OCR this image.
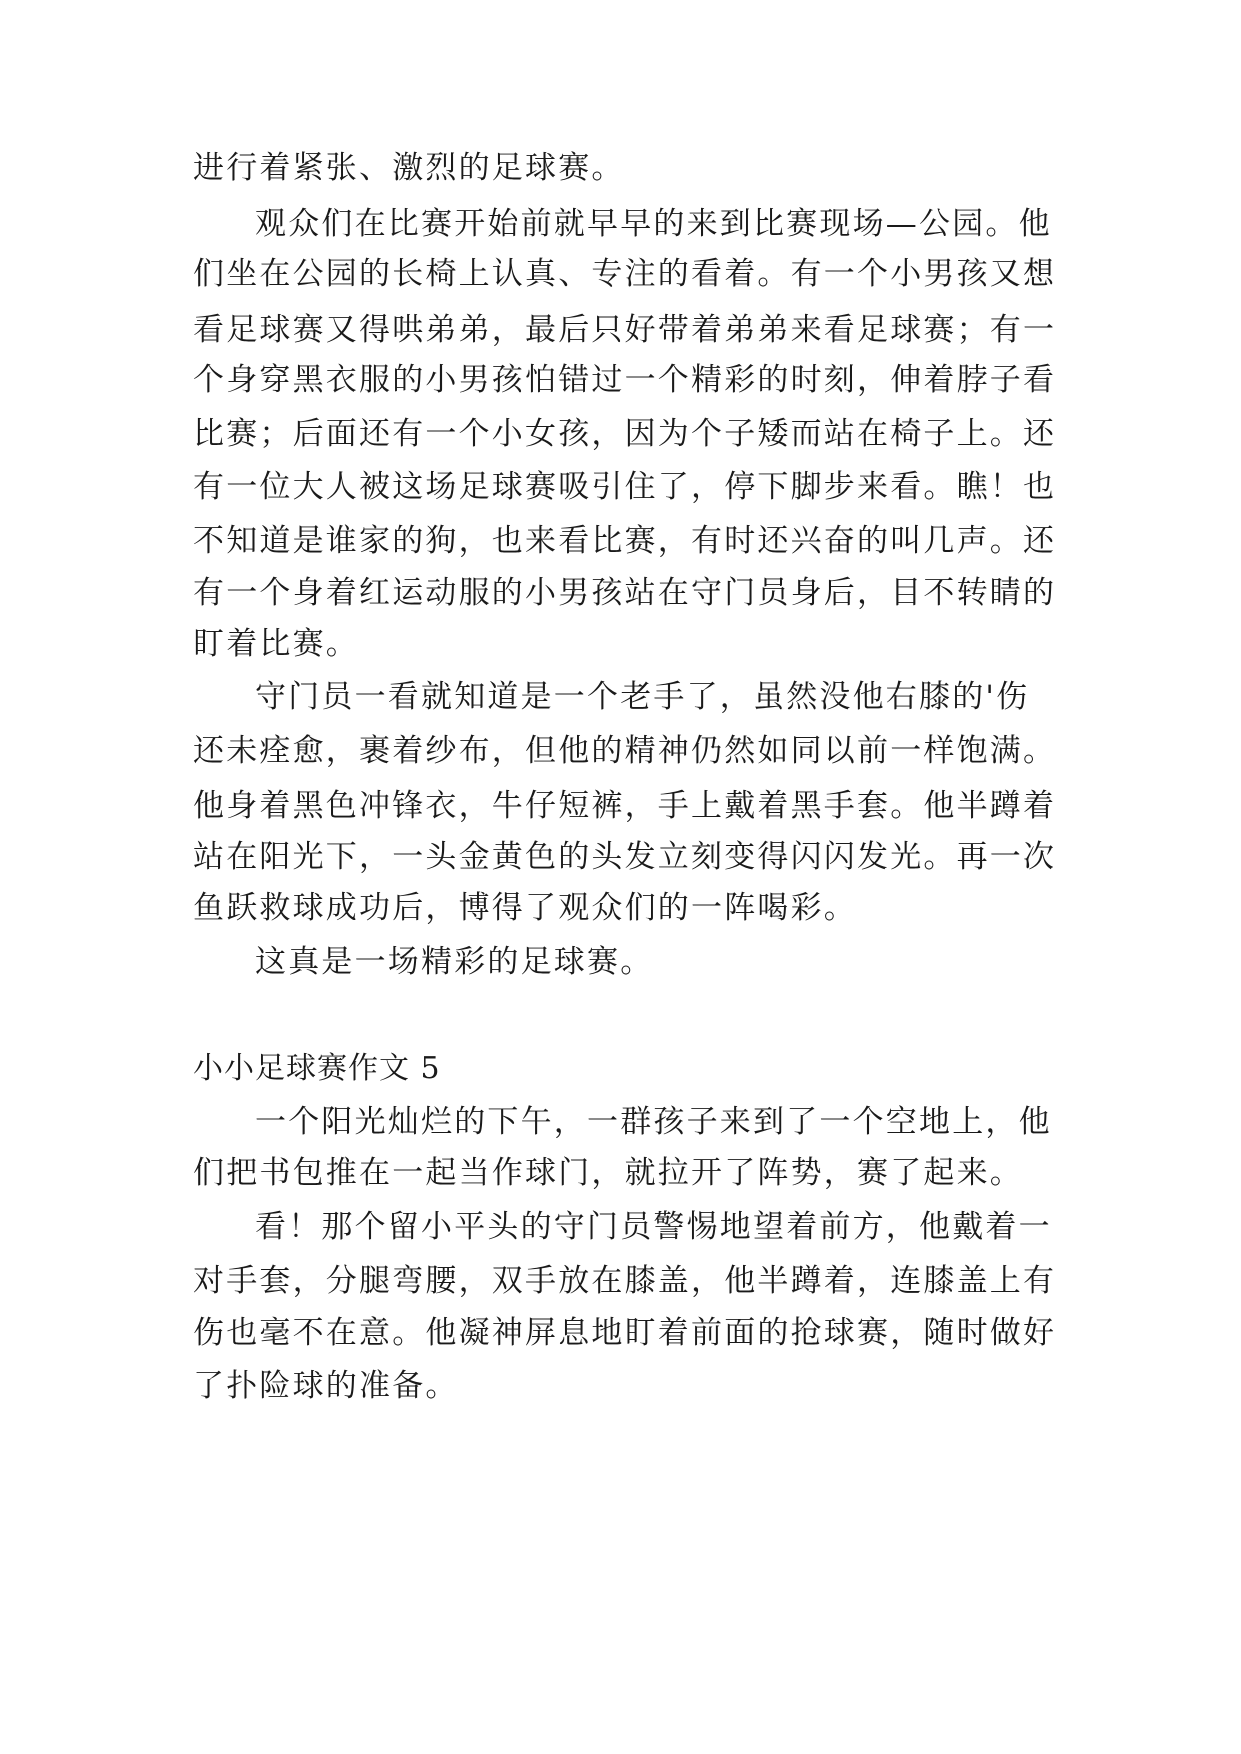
进行着紧张、激烈的足球赛。
观众们在比赛开始前就早早的来到比赛现场—公园。他
们坐在公园的长椅上认真、专注的看着。有一个小男孩又想
看足球赛又得哄弟弟，最后只好带着弟弟来看足球赛；有一
个身穿黑衣服的小男孩怕错过一个精彩的时刻，伸着脖子看
比赛；后面还有一个小女孩，因为个子矮而站在椅子上。还
有一位大人被这场足球赛吸引住了，停下脚步来看。瞧！也
不知道是谁家的狗，也来看比赛，有时还兴奋的叫几声。还
有一个身着红运动服的小男孩站在守门员身后，目不转睛的
盯着比赛。
守门员一看就知道是一个老手了，虽然没他右膝的'伤
还未痊愈，裹着纱布，但他的精神仍然如同以前一样饱满。
他身着黑色冲锋衣，牛仔短裤，手上戴着黑手套。他半蹲着
站在阳光下，一头金黄色的头发立刻变得闪闪发光。再一次
鱼跃救球成功后，博得了观众们的一阵喝彩。
这真是一场精彩的足球赛。
小小足球赛作文 5
一个阳光灿烂的下午，一群孩子来到了一个空地上，他
们把书包推在一起当作球门，就拉开了阵势，赛了起来。
看！那个留小平头的守门员警惕地望着前方，他戴着一
对手套，分腿弯腰，双手放在膝盖，他半蹲着，连膝盖上有
伤也毫不在意。他凝神屏息地盯着前面的抢球赛，随时做好
了扑险球的准备。
